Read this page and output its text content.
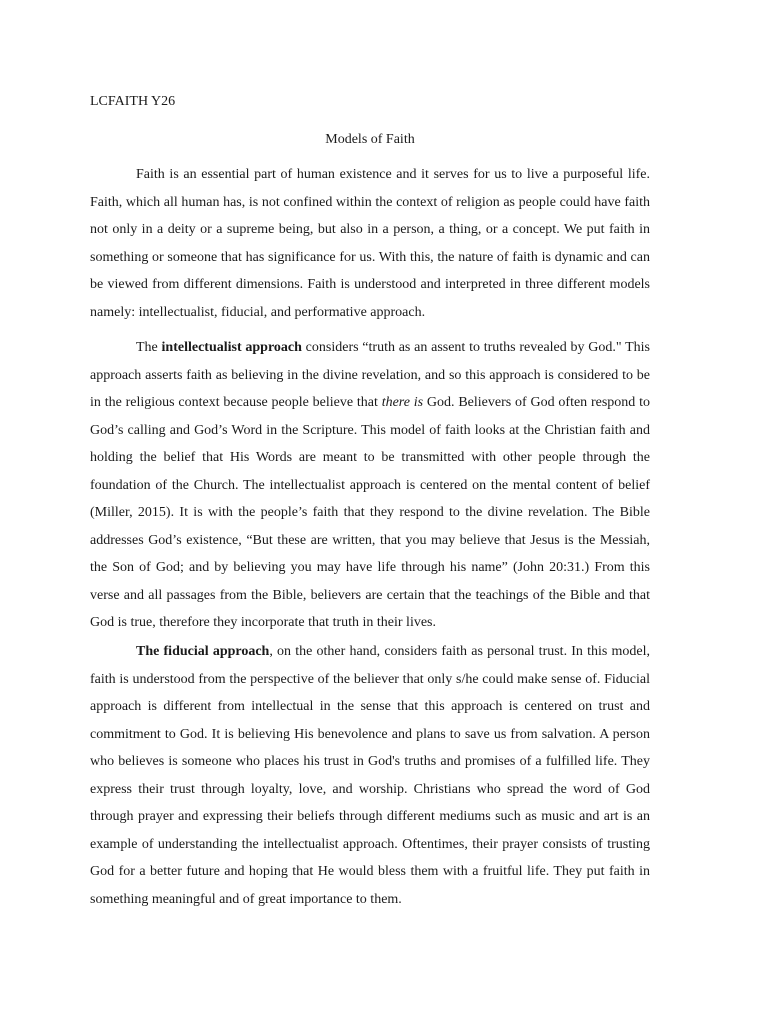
LCFAITH Y26
Models of Faith

Faith is an essential part of human existence and it serves for us to live a purposeful life. Faith, which all human has, is not confined within the context of religion as people could have faith not only in a deity or a supreme being, but also in a person, a thing, or a concept. We put faith in something or someone that has significance for us. With this, the nature of faith is dynamic and can be viewed from different dimensions. Faith is understood and interpreted in three different models namely: intellectualist, fiducial, and performative approach.

The intellectualist approach considers “truth as an assent to truths revealed by God." This approach asserts faith as believing in the divine revelation, and so this approach is considered to be in the religious context because people believe that there is God. Believers of God often respond to God’s calling and God’s Word in the Scripture. This model of faith looks at the Christian faith and holding the belief that His Words are meant to be transmitted with other people through the foundation of the Church. The intellectualist approach is centered on the mental content of belief (Miller, 2015). It is with the people’s faith that they respond to the divine revelation. The Bible addresses God’s existence, “But these are written, that you may believe that Jesus is the Messiah, the Son of God; and by believing you may have life through his name” (John 20:31.) From this verse and all passages from the Bible, believers are certain that the teachings of the Bible and that God is true, therefore they incorporate that truth in their lives.

The fiducial approach, on the other hand, considers faith as personal trust. In this model, faith is understood from the perspective of the believer that only s/he could make sense of. Fiducial approach is different from intellectual in the sense that this approach is centered on trust and commitment to God. It is believing His benevolence and plans to save us from salvation. A person who believes is someone who places his trust in God's truths and promises of a fulfilled life. They express their trust through loyalty, love, and worship. Christians who spread the word of God through prayer and expressing their beliefs through different mediums such as music and art is an example of understanding the intellectualist approach. Oftentimes, their prayer consists of trusting God for a better future and hoping that He would bless them with a fruitful life. They put faith in something meaningful and of great importance to them.
